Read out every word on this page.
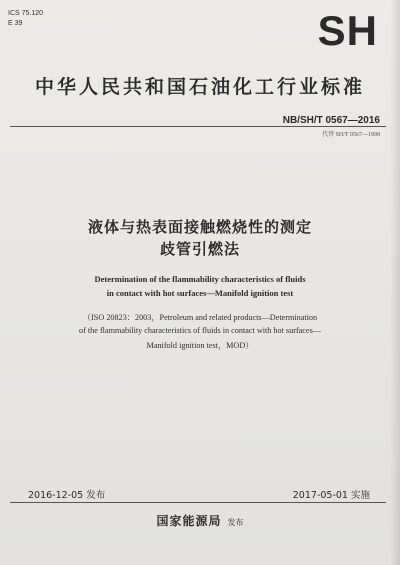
ICS 75.120
E 39	SH
中华人民共和国石油化工行业标准
NB/SH/T 0567—2016
代替 SH/T 0567—1998
液体与热表面接触燃烧性的测定
歧管引燃法
Determination of the flammability characteristics of fluids
in contact with hot surfaces—Manifold ignition test
（ISO 20823：2003，Petroleum and related products—Determination
of the flammability characteristics of fluids in contact with hot surfaces—
Manifold ignition test，MOD）
2016-12-05 发布	2017-05-01 实施
国家能源局 发布
